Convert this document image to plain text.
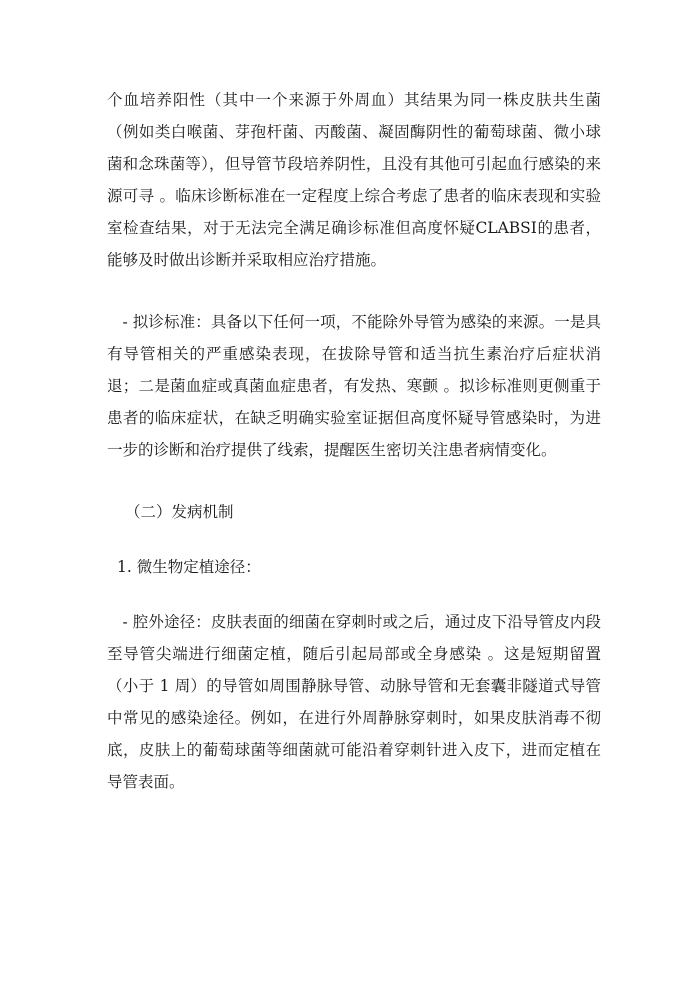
个血培养阳性（其中一个来源于外周血）其结果为同一株皮肤共生菌（例如类白喉菌、芽孢杆菌、丙酸菌、凝固酶阴性的葡萄球菌、微小球菌和念珠菌等），但导管节段培养阴性，且没有其他可引起血行感染的来源可寻 。临床诊断标准在一定程度上综合考虑了患者的临床表现和实验室检查结果，对于无法完全满足确诊标准但高度怀疑CLABSI的患者，能够及时做出诊断并采取相应治疗措施。

- 拟诊标准：具备以下任何一项，不能除外导管为感染的来源。一是具有导管相关的严重感染表现，在拔除导管和适当抗生素治疗后症状消退；二是菌血症或真菌血症患者，有发热、寒颤 。拟诊标准则更侧重于患者的临床症状，在缺乏明确实验室证据但高度怀疑导管感染时，为进一步的诊断和治疗提供了线索，提醒医生密切关注患者病情变化。

（二）发病机制

1. 微生物定植途径：

- 腔外途径：皮肤表面的细菌在穿刺时或之后，通过皮下沿导管皮内段至导管尖端进行细菌定植，随后引起局部或全身感染 。这是短期留置（小于 1 周）的导管如周围静脉导管、动脉导管和无套囊非隧道式导管中常见的感染途径。例如，在进行外周静脉穿刺时，如果皮肤消毒不彻底，皮肤上的葡萄球菌等细菌就可能沿着穿刺针进入皮下，进而定植在导管表面。
